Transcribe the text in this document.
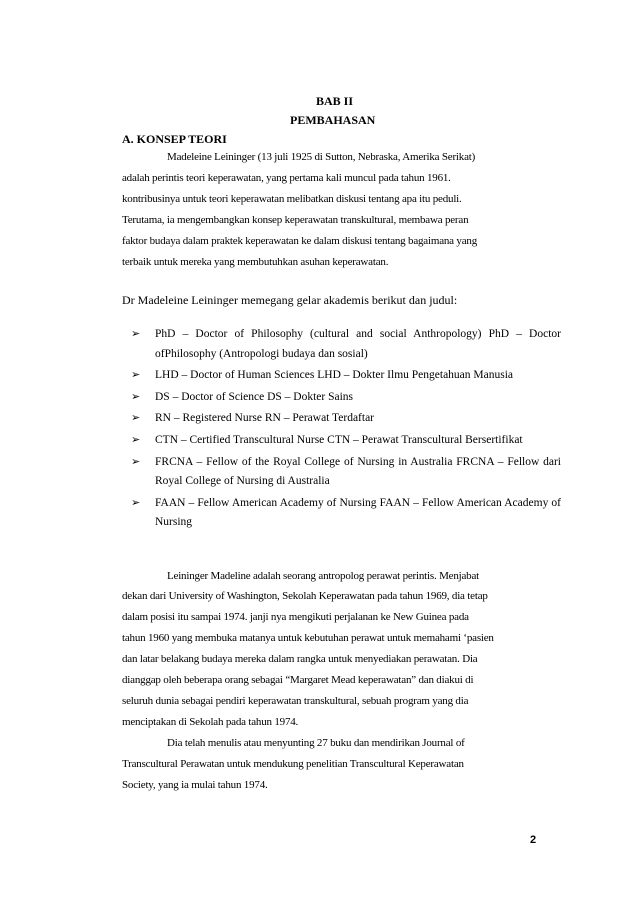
BAB II
PEMBAHASAN
A. KONSEP TEORI
Madeleine Leininger (13 juli 1925 di Sutton, Nebraska, Amerika Serikat)
adalah perintis teori keperawatan, yang pertama kali muncul pada tahun 1961.
kontribusinya untuk teori keperawatan melibatkan diskusi tentang apa itu peduli.
Terutama, ia mengembangkan konsep keperawatan transkultural, membawa peran
faktor budaya dalam praktek keperawatan ke dalam diskusi tentang bagaimana yang
terbaik untuk mereka yang membutuhkan asuhan keperawatan.
Dr Madeleine Leininger memegang gelar akademis berikut dan judul:
➢ PhD – Doctor of Philosophy (cultural and social Anthropology) PhD – Doctor ofPhilosophy (Antropologi budaya dan sosial)
➢ LHD – Doctor of Human Sciences LHD – Dokter Ilmu Pengetahuan Manusia
➢ DS – Doctor of Science DS – Dokter Sains
➢ RN – Registered Nurse RN – Perawat Terdaftar
➢ CTN – Certified Transcultural Nurse CTN – Perawat Transcultural Bersertifikat
➢ FRCNA – Fellow of the Royal College of Nursing in Australia FRCNA – Fellow dari Royal College of Nursing di Australia
➢ FAAN – Fellow American Academy of Nursing FAAN – Fellow American Academy of Nursing
Leininger Madeline adalah seorang antropolog perawat perintis. Menjabat
dekan dari University of Washington, Sekolah Keperawatan pada tahun 1969, dia tetap
dalam posisi itu sampai 1974. janji nya mengikuti perjalanan ke New Guinea pada
tahun 1960 yang membuka matanya untuk kebutuhan perawat untuk memahami ‘pasien
dan latar belakang budaya mereka dalam rangka untuk menyediakan perawatan. Dia
dianggap oleh beberapa orang sebagai “Margaret Mead keperawatan” dan diakui di
seluruh dunia sebagai pendiri keperawatan transkultural, sebuah program yang dia
menciptakan di Sekolah pada tahun 1974.
Dia telah menulis atau menyunting 27 buku dan mendirikan Journal of
Transcultural Perawatan untuk mendukung penelitian Transcultural Keperawatan
Society, yang ia mulai tahun 1974.
2
